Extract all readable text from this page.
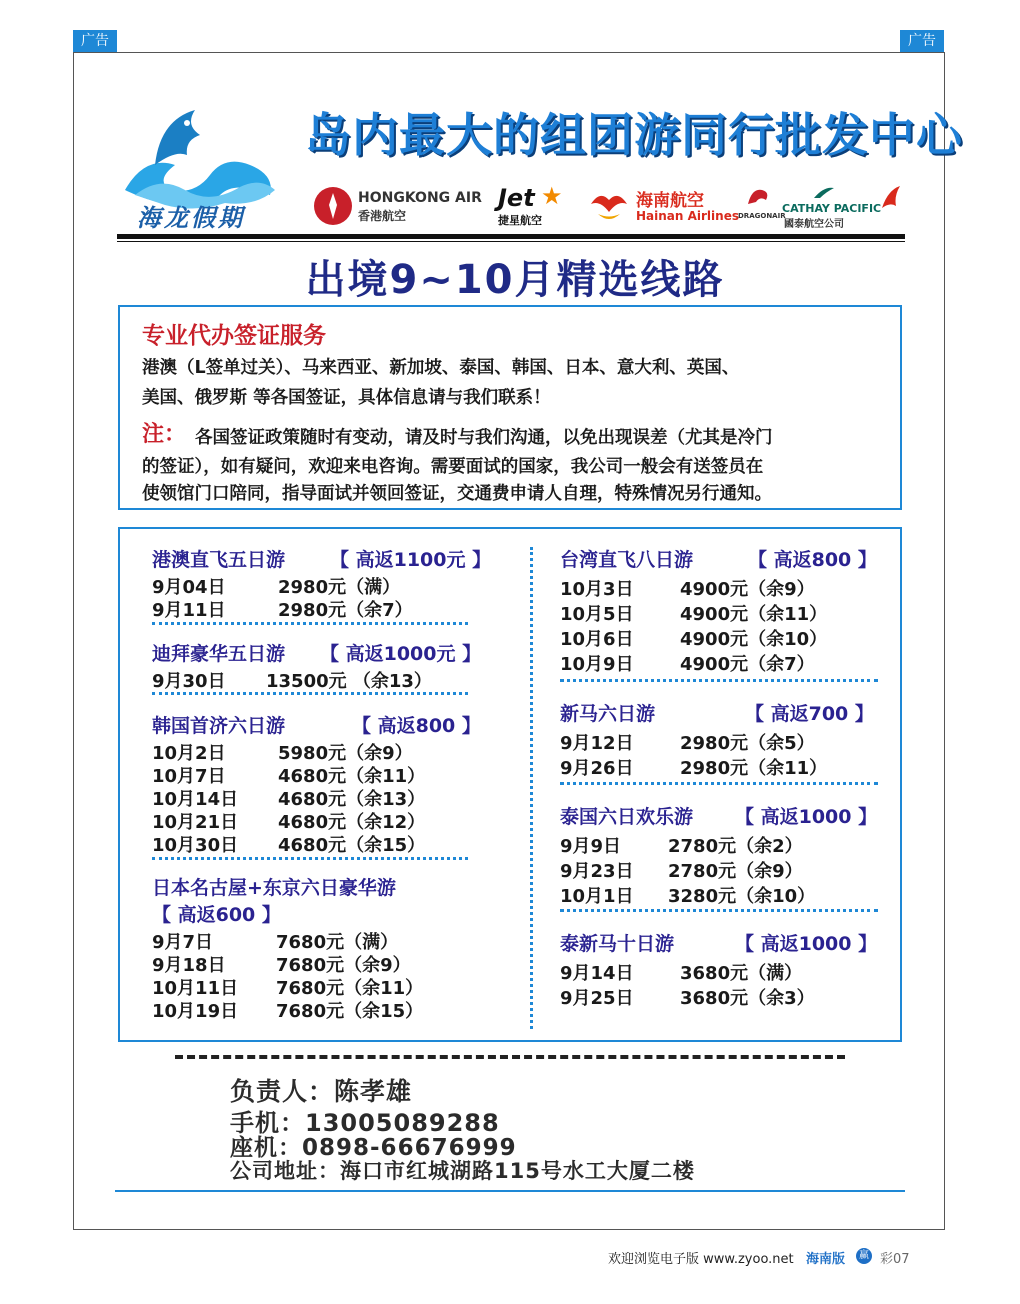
广告	广告
海龙假期
岛内最大的组团游同行批发中心
HONGKONG AIR
香港航空
Jet ★
捷星航空
海南航空
Hainan Airlines DRAGONAIR
CATHAY PACIFIC
國泰航空公司
出境9~10月精选线路
专业代办签证服务
港澳（L签单过关）、马来西亚、新加坡、泰国、韩国、日本、意大利、英国、
美国、俄罗斯 等各国签证，具体信息请与我们联系！
注： 各国签证政策随时有变动，请及时与我们沟通，以免出现误差（尤其是冷门
的签证），如有疑问，欢迎来电咨询。需要面试的国家，我公司一般会有送签员在
使领馆门口陪同，指导面试并领回签证，交通费申请人自理，特殊情况另行通知。
港澳直飞五日游 【 高返1100元 】
9月04日	2980元（满）
9月11日	2980元（余7）
迪拜豪华五日游 【 高返1000元 】
9月30日 13500元 （余13）
韩国首济六日游	【 高返800 】
10月2日	5980元（余9）
10月7日	4680元（余11）
10月14日 4680元（余13）
10月21日 4680元（余12）
10月30日 4680元（余15）
日本名古屋+东京六日豪华游
【 高返600 】
9月7日	7680元（满）
9月18日	7680元（余9）
10月11日 7680元（余11）
10月19日 7680元（余15）
台湾直飞八日游	【 高返800 】
10月3日	4900元（余9）
10月5日	4900元（余11）
10月6日	4900元（余10）
10月9日	4900元（余7）
新马六日游	【 高返700 】
9月12日	2980元（余5）
9月26日	2980元（余11）
泰国六日欢乐游 【 高返1000 】
9月9日	2780元（余2）
9月23日 2780元（余9）
10月1日 3280元（余10）
泰新马十日游	【 高返1000 】
9月14日	3680元（满）
9月25日	3680元（余3）
负责人：陈孝雄
手机：13005089288
座机：0898-66676999
公司地址：海口市红城湖路115号水工大厦二楼
欢迎浏览电子版 www.zyoo.net 海南版	赢 彩07
